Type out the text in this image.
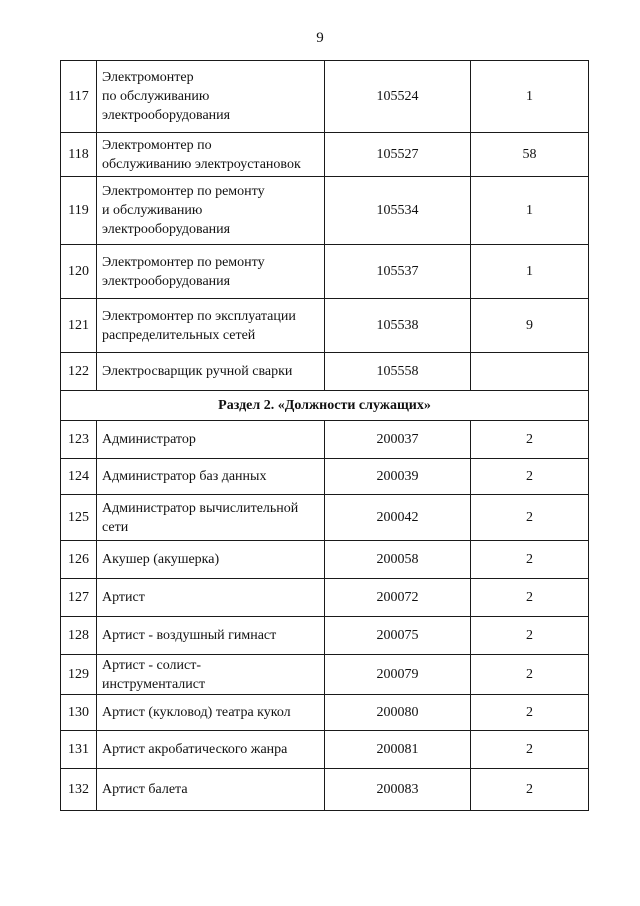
9
117	Электромонтер
по обслуживанию
электрооборудования	105524	1
118	Электромонтер по
обслуживанию электроустановок	105527	58
119	Электромонтер по ремонту
и обслуживанию
электрооборудования	105534	1
120	Электромонтер по ремонту
электрооборудования	105537	1
121	Электромонтер по эксплуатации
распределительных сетей	105538	9
122	Электросварщик ручной сварки	105558	
Раздел 2. «Должности служащих»			
123	Администратор	200037	2
124	Администратор баз данных	200039	2
125	Администратор вычислительной
сети	200042	2
126	Акушер (акушерка)	200058	2
127	Артист	200072	2
128	Артист - воздушный гимнаст	200075	2
129	Артист - солист-
инструменталист	200079	2
130	Артист (кукловод) театра кукол	200080	2
131	Артист акробатического жанра	200081	2
132	Артист балета	200083	2
